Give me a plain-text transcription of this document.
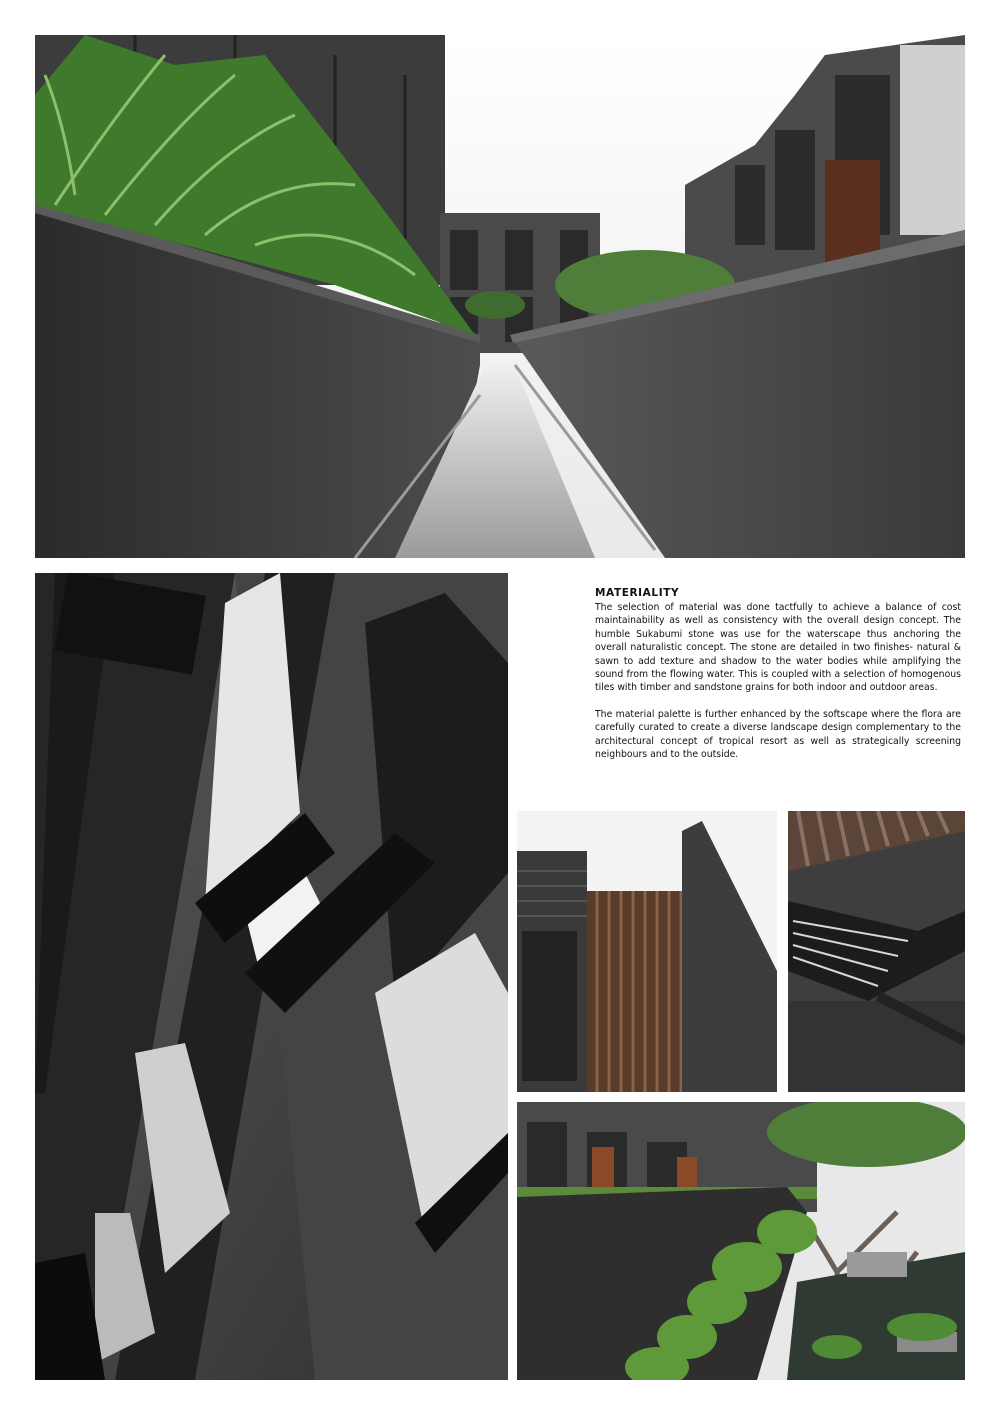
MATERIALITY

The selection of material was done tactfully to achieve a balance of cost maintainability as well as consistency with the overall design concept. The humble Sukabumi stone was use for the waterscape thus anchoring the overall naturalistic concept. The stone are detailed in two finishes- natural & sawn to add texture and shadow to the water bodies while amplifying the sound from the flowing water. This is coupled with a selection of homogenous tiles with timber and sandstone grains for both indoor and outdoor areas.

The material palette is further enhanced by the softscape where the flora are carefully curated to create a diverse landscape design complementary to the architectural concept of tropical resort as well as strategically screening neighbours and to the outside.
